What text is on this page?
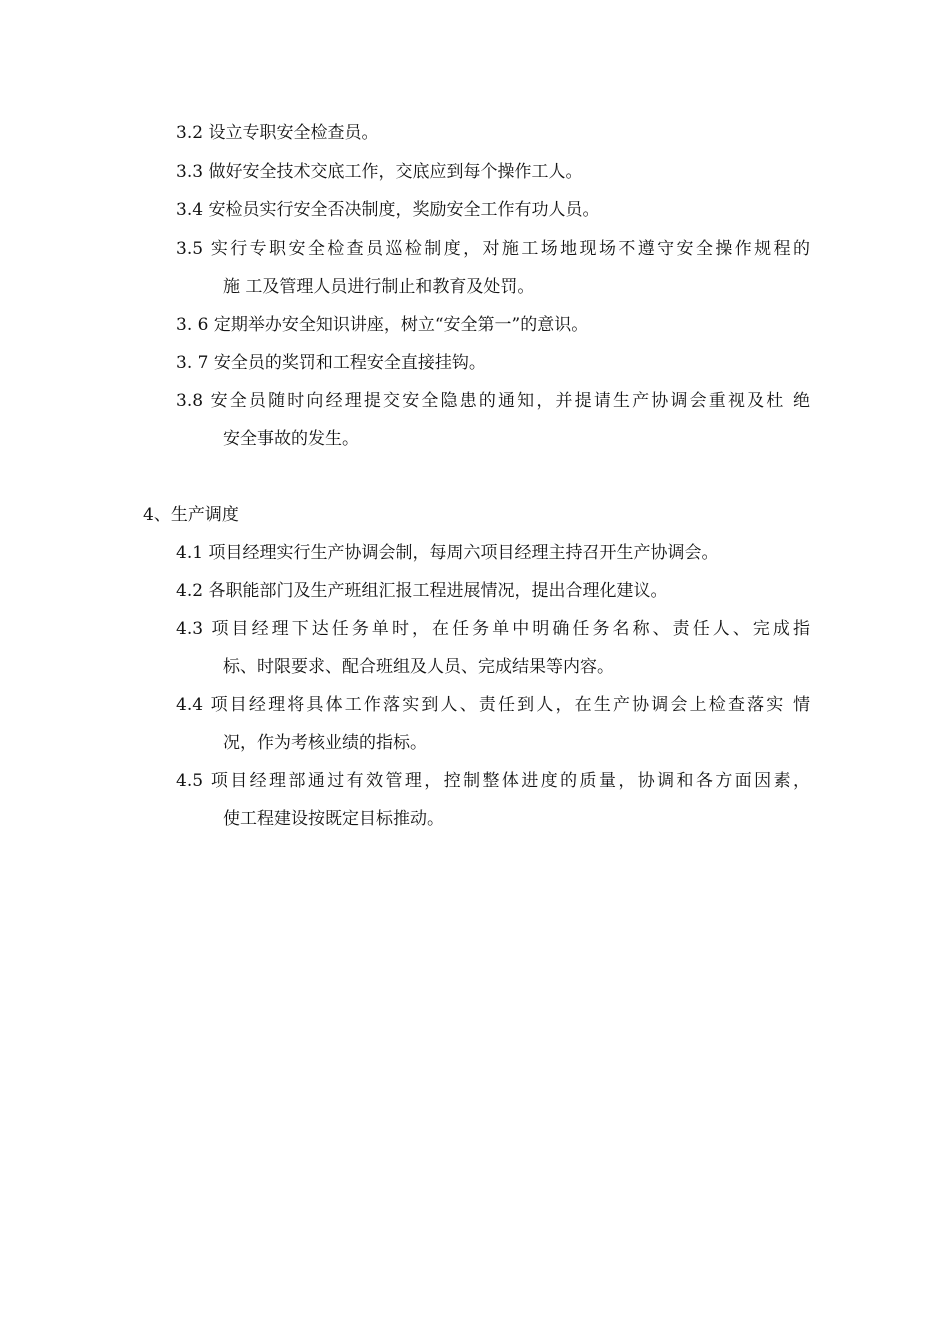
3.2 设立专职安全检查员。
3.3 做好安全技术交底工作，交底应到每个操作工人。
3.4 安检员实行安全否决制度，奖励安全工作有功人员。
3.5 实行专职安全检查员巡检制度，对施工场地现场不遵守安全操作规程的
施 工及管理人员进行制止和教育及处罚。
3. 6 定期举办安全知识讲座，树立“安全第一”的意识。
3. 7 安全员的奖罚和工程安全直接挂钩。
3.8 安全员随时向经理提交安全隐患的通知，并提请生产协调会重视及杜 绝
安全事故的发生。
4、生产调度
4.1 项目经理实行生产协调会制，每周六项目经理主持召开生产协调会。
4.2 各职能部门及生产班组汇报工程进展情况，提出合理化建议。
4.3 项目经理下达任务单时，在任务单中明确任务名称、责任人、完成指
标、时限要求、配合班组及人员、完成结果等内容。
4.4 项目经理将具体工作落实到人、责任到人，在生产协调会上检查落实 情
况，作为考核业绩的指标。
4.5 项目经理部通过有效管理，控制整体进度的质量，协调和各方面因素，
使工程建设按既定目标推动。
